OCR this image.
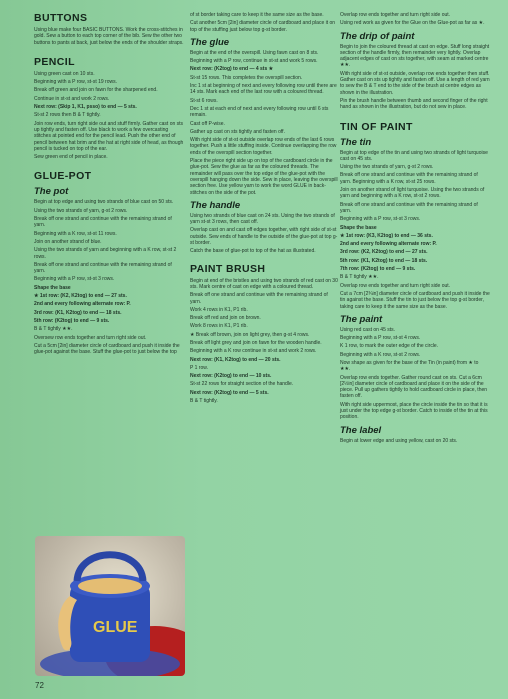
BUTTONS

Using blue make four BASIC BUTTONS. Work the cross-stitches in gold. Sew a button to each top corner of the bib. Sew the other two buttons to pants at back, just below the ends of the shoulder straps.

PENCIL

Using green cast on 10 sts.

Beginning with a P row, st-st 19 rows.

Break off green and join on fawn for the sharpened end.

Continue in st-st and work 2 rows.

Next row: (Skip 1, K1, psso) to end — 5 sts.

St-st 2 rows then B & T tightly.

Join row ends, turn right side out and stuff firmly. Gather cast on sts up tightly and fasten off. Use black to work a few overcasting stitches at pointed end for the pencil lead. Push the other end of pencil between hat brim and the hat at right side of head, as though pencil is tucked on top of the ear.

Sew green end of pencil in place.

GLUE-POT
The pot

Begin at top edge and using two strands of blue cast on 50 sts.

Using the two strands of yarn, g-st 2 rows.

Break off one strand and continue with the remaining strand of yarn.

Beginning with a K row, st-st 11 rows.

Join on another strand of blue.

Using the two strands of yarn and beginning with a K row, st-st 2 rows.

Break off one strand and continue with the remaining strand of yarn.

Beginning with a P row, st-st 3 rows.

Shape the base

★ 1st row: (K2, K2tog) to end — 27 sts.

2nd and every following alternate row: P.

3rd row: (K1, K2tog) to end — 18 sts.

5th row: (K2tog) to end — 9 sts.

B & T tightly ★★.

Oversew row ends together and turn right side out.

Cut a 5cm [2in] diameter circle of cardboard and push it inside the glue-pot against the base. Stuff the glue-pot to just below the top

of st border taking care to keep it the same size as the base.

Cut another 5cm [2in] diameter circle of cardboard and place it on top of the stuffing just below top g-st border.

The glue

Begin at the end of the overspill. Using fawn cast on 8 sts.

Beginning with a P row, continue in st-st and work 5 rows.

Next row: (K2tog) to end — 4 sts ★

St-st 15 rows. This completes the overspill section.

Inc 1 st at beginning of next and every following row until there are 14 sts. Mark each end of the last row with a coloured thread.

St-st 6 rows.

Dec 1 st at each end of next and every following row until 6 sts remain.

Cast off P-wise.

Gather up cast on sts tightly and fasten off.

With right side of st-st outside overlap row ends of the last 6 rows together. Push a little stuffing inside. Continue overlapping the row ends of the overspill section together.

Place the piece right side up on top of the cardboard circle in the glue-pot. Sew the glue as far as the coloured threads. The remainder will pass over the top edge of the glue-pot with the overspill hanging down the side. Sew in place, leaving the overspill section free. Use yellow yarn to work the word GLUE in back-stitches on the side of the pot.

The handle

Using two strands of blue cast on 24 sts. Using the two strands of yarn st-st 3 rows, then cast off.

Overlap cast on and cast off edges together, with right side of st-st outside. Sew ends of handle to the outside of the glue-pot at top g-st border.

Catch the base of glue-pot to top of the hat as illustrated.

PAINT BRUSH

Begin at end of the bristles and using two strands of red cast on 30 sts. Mark centre of cast on edge with a coloured thread.

Break off one strand and continue with the remaining strand of yarn.

Work 4 rows in K1, P1 rib.

Break off red and join on brown.

Work 8 rows in K1, P1 rib.

★ Break off brown, join on light grey, then g-st 4 rows.

Break off light grey and join on fawn for the wooden handle.

Beginning with a K row continue in st-st and work 2 rows.

Next row: (K1, K2tog) to end — 20 sts.

P 1 row.

Next row: (K2tog) to end — 10 sts.

St-st 22 rows for straight section of the handle.

Next row: (K2tog) to end — 5 sts.

B & T tightly.

Overlap row ends together and turn right side out.

Using red work as given for the Glue on the Glue-pot as far as ★.

The drip of paint

Begin to join the coloured thread at cast on edge. Stuff long straight section of the handle firmly, then remainder very lightly. Overlap adjacent edges of cast on sts together, with seam at marked centre ★★.

With right side of st-st outside, overlap row ends together then stuff. Gather cast on sts up tightly and fasten off. Use a length of red yarn to sew the B & T end to the side of the brush at centre edges as shown in the illustration.

Pin the brush handle between thumb and second finger of the right hand as shown in the illustration, but do not sew in place.

TIN OF PAINT
The tin

Begin at top edge of the tin and using two strands of light turquoise cast on 45 sts.

Using the two strands of yarn, g-st 2 rows.

Break off one strand and continue with the remaining strand of yarn. Beginning with a K row, st-st 25 rows.

Join on another strand of light turquoise. Using the two strands of yarn and beginning with a K row, st-st 2 rows.

Break off one strand and continue with the remaining strand of yarn.

Beginning with a P row, st-st 3 rows.

Shape the base

★ 1st row: (K3, K2tog) to end — 36 sts.

2nd and every following alternate row: P.

3rd row: (K2, K2tog) to end — 27 sts.

5th row: (K1, K2tog) to end — 18 sts.

7th row: (K2tog) to end — 9 sts.

B & T tightly ★★.

Overlap row ends together and turn right side out.

Cut a 7cm [2¾in] diameter circle of cardboard and push it inside the tin against the base. Stuff the tin to just below the top g-st border, taking care to keep it the same size as the base.

The paint

Using red cast on 45 sts.

Beginning with a P row, st-st 4 rows.

K 1 row, to mark the outer edge of the circle.

Beginning with a K row, st-st 2 rows.

Now shape as given for the base of the Tin (in paint) from ★ to ★★.

Overlap row ends together. Gather round cast on sts. Cut a 6cm [2½in] diameter circle of cardboard and place it on the side of the piece. Pull up gathers tightly to hold cardboard circle in place, then fasten off.

With right side uppermost, place the circle inside the tin so that it is just under the top edge g-st border. Catch to inside of the tin at this position.

The label

Begin at lower edge and using yellow, cast on 20 sts.

GLUE
72
